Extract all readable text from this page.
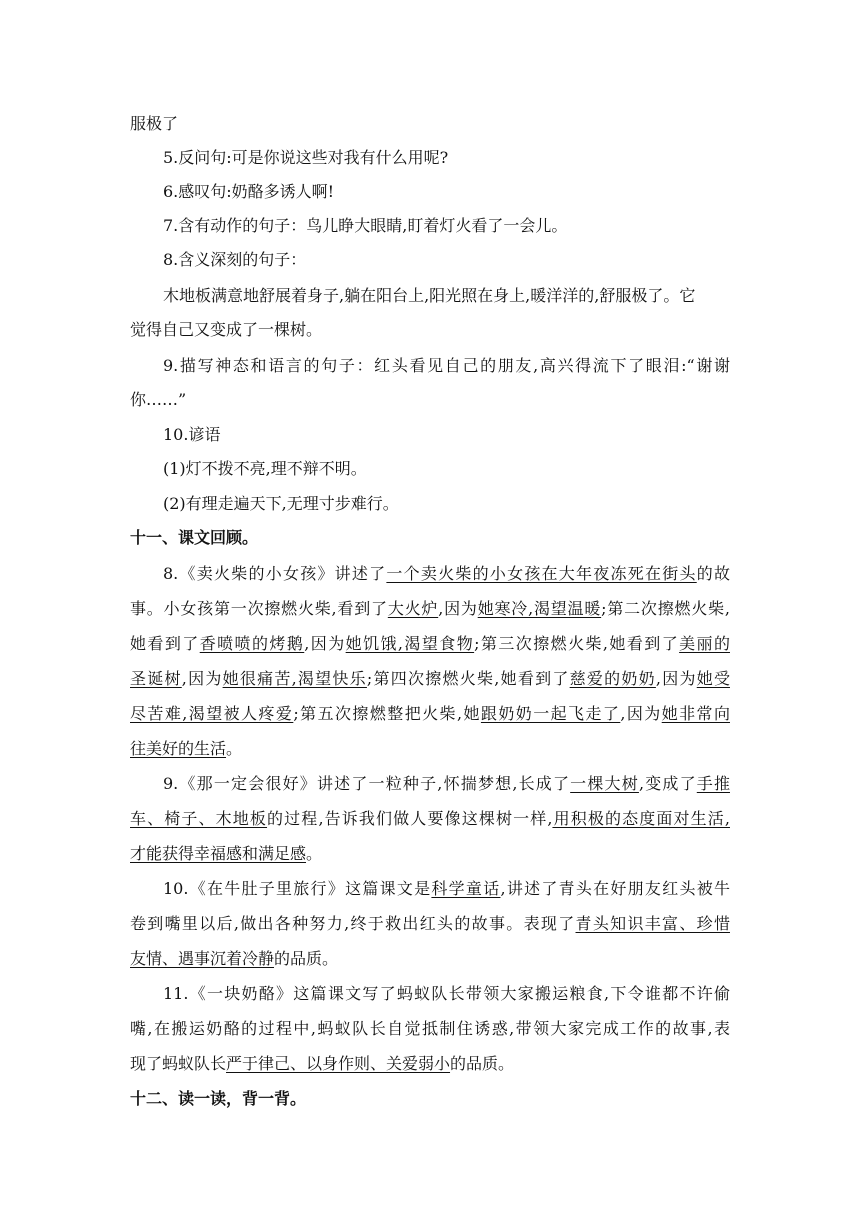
服极了
5.反问句:可是你说这些对我有什么用呢?
6.感叹句:奶酪多诱人啊!
7.含有动作的句子：鸟儿睁大眼睛,盯着灯火看了一会儿。
8.含义深刻的句子：
木地板满意地舒展着身子,躺在阳台上,阳光照在身上,暖洋洋的,舒服极了。它
觉得自己又变成了一棵树。
9.描写神态和语言的句子：红头看见自己的朋友,高兴得流下了眼泪:“谢谢
你……”
10.谚语
(1)灯不拨不亮,理不辩不明。
(2)有理走遍天下,无理寸步难行。
十一、课文回顾。
8.《卖火柴的小女孩》讲述了一个卖火柴的小女孩在大年夜冻死在街头的故
事。小女孩第一次擦燃火柴,看到了大火炉,因为她寒冷,渴望温暖;第二次擦燃火柴,
她看到了香喷喷的烤鹅,因为她饥饿,渴望食物;第三次擦燃火柴,她看到了美丽的
圣诞树,因为她很痛苦,渴望快乐;第四次擦燃火柴,她看到了慈爱的奶奶,因为她受
尽苦难,渴望被人疼爱;第五次擦燃整把火柴,她跟奶奶一起飞走了,因为她非常向
往美好的生活。
9.《那一定会很好》讲述了一粒种子,怀揣梦想,长成了一棵大树,变成了手推
车、椅子、木地板的过程,告诉我们做人要像这棵树一样,用积极的态度面对生活,
才能获得幸福感和满足感。
10.《在牛肚子里旅行》这篇课文是科学童话,讲述了青头在好朋友红头被牛
卷到嘴里以后,做出各种努力,终于救出红头的故事。表现了青头知识丰富、珍惜
友情、遇事沉着冷静的品质。
11.《一块奶酪》这篇课文写了蚂蚁队长带领大家搬运粮食,下令谁都不许偷
嘴,在搬运奶酪的过程中,蚂蚁队长自觉抵制住诱惑,带领大家完成工作的故事,表
现了蚂蚁队长严于律己、以身作则、关爱弱小的品质。
十二、读一读，背一背。
